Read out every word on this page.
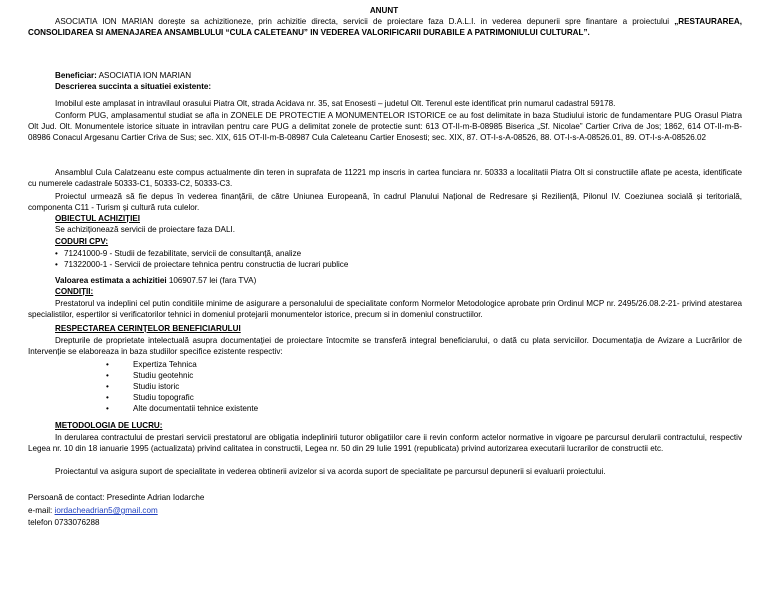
ANUNT
ASOCIATIA ION MARIAN dorește sa achizitioneze, prin achizitie directa, servicii de proiectare faza D.A.L.I. in vederea depunerii spre finantare a proiectului „RESTAURAREA, CONSOLIDAREA SI AMENAJAREA ANSAMBLULUI “CULA CALETEANU” IN VEDEREA VALORIFICARII DURABILE A PATRIMONIULUI CULTURAL”.
Beneficiar: ASOCIATIA ION MARIAN
Descrierea succinta a situatiei existente:
Imobilul este amplasat in intravilaul orasului Piatra Olt, strada Acidava nr. 35, sat Enosesti – judetul Olt. Terenul este identificat prin numarul cadastral 59178.
Conform PUG, amplasamentul studiat se afla in ZONELE DE PROTECTIE A MONUMENTELOR ISTORICE ce au fost delimitate in baza Studiului istoric de fundamentare PUG Orasul Piatra Olt Jud. Olt. Monumentele istorice situate in intravilan pentru care PUG a delimitat zonele de protectie sunt: 613 OT-II-m-B-08985 Biserica „Sf. Nicolae” Cartier Criva de Jos; 1862, 614 OT-II-m-B-08986 Conacul Argesanu Cartier Criva de Sus; sec. XIX, 615 OT-II-m-B-08987 Cula Caleteanu Cartier Enosesti; sec. XIX, 87. OT-I-s-A-08526, 88. OT-I-s-A-08526.01, 89. OT-I-s-A-08526.02
Ansamblul Cula Calatzeanu este compus actualmente din teren in suprafata de 11221 mp inscris in cartea funciara nr. 50333 a localitatii Piatra Olt si constructiile aflate pe acesta, identificate cu numerele cadastrale 50333-C1, 50333-C2, 50333-C3.
Proiectul urmează să fie depus în vederea finanțării, de către Uniunea Europeană, în cadrul Planului Național de Redresare și Reziliență, Pilonul IV. Coeziunea socială și teritorială, componenta C11 - Turism și cultură ruta culelor.
OBIECTUL ACHIZIȚIEI
Se achiziționează servicii de proiectare faza DALI.
CODURI CPV:
• 71241000-9 - Studii de fezabilitate, servicii de consultanţă, analize
• 71322000-1 - Servicii de proiectare tehnica pentru constructia de lucrari publice
Valoarea estimata a achizitiei 106907.57 lei (fara TVA)
CONDIȚII:
Prestatorul va indeplini cel putin conditiile minime de asigurare a personalului de specialitate conform Normelor Metodologice aprobate prin Ordinul MCP nr. 2495/26.08.2-21- privind atestarea specialistilor, espertilor si verificatorilor tehnici in domeniul protejarii monumentelor istorice, precum si in domeniul constructiilor.
RESPECTAREA CERINȚELOR BENEFICIARULUI
Drepturile de proprietate intelectuală asupra documentației de proiectare întocmite se transferă integral beneficiarului, o dată cu plata serviciilor. Documentația de Avizare a Lucrărilor de Intervenție se elaboreaza in baza studiilor specifice ezistente respectiv:
• Expertiza Tehnica
• Studiu geotehnic
• Studiu istoric
• Studiu topografic
• Alte documentatii tehnice existente
METODOLOGIA DE LUCRU:
In derularea contractului de prestari servicii prestatorul are obligatia indeplinirii tuturor obligatiilor care ii revin conform actelor normative in vigoare pe parcursul derularii contractului, respectiv Legea nr. 10 din 18 ianuarie 1995 (actualizata) privind calitatea in constructii, Legea nr. 50 din 29 Iulie 1991 (republicata) privind autorizarea executarii lucrarilor de constructii etc.
Proiectantul va asigura suport de specialitate in vederea obtinerii avizelor si va acorda suport de specialitate pe parcursul depunerii si evaluarii proiectului.
Persoană de contact: Presedinte Adrian Iodarche
e-mail: iordacheadrian5@gmail.com
telefon 0733076288
